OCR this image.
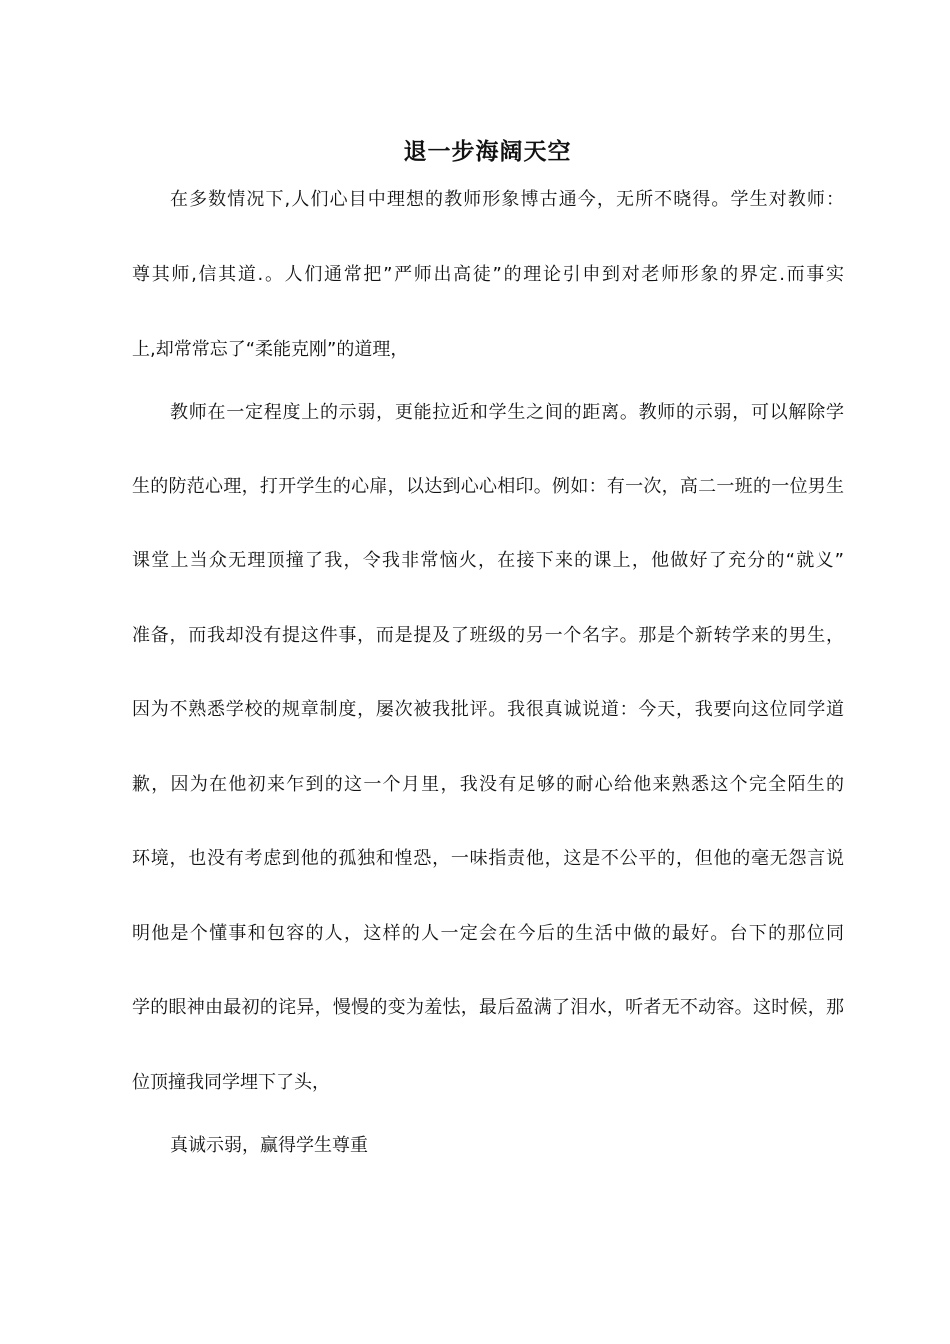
退一步海阔天空
在多数情况下,人们心目中理想的教师形象博古通今，无所不晓得。学生对教师：
尊其师,信其道.。人们通常把”严师出高徒”的理论引申到对老师形象的界定.而事实
上,却常常忘了“柔能克刚”的道理，
教师在一定程度上的示弱，更能拉近和学生之间的距离。教师的示弱，可以解除学
生的防范心理，打开学生的心扉，以达到心心相印。例如：有一次，高二一班的一位男生
课堂上当众无理顶撞了我，令我非常恼火，在接下来的课上，他做好了充分的“就义”
准备，而我却没有提这件事，而是提及了班级的另一个名字。那是个新转学来的男生，
因为不熟悉学校的规章制度，屡次被我批评。我很真诚说道：今天，我要向这位同学道
歉，因为在他初来乍到的这一个月里，我没有足够的耐心给他来熟悉这个完全陌生的
环境，也没有考虑到他的孤独和惶恐，一味指责他，这是不公平的，但他的毫无怨言说
明他是个懂事和包容的人，这样的人一定会在今后的生活中做的最好。台下的那位同
学的眼神由最初的诧异，慢慢的变为羞怯，最后盈满了泪水，听者无不动容。这时候，那
位顶撞我同学埋下了头，
真诚示弱，赢得学生尊重
